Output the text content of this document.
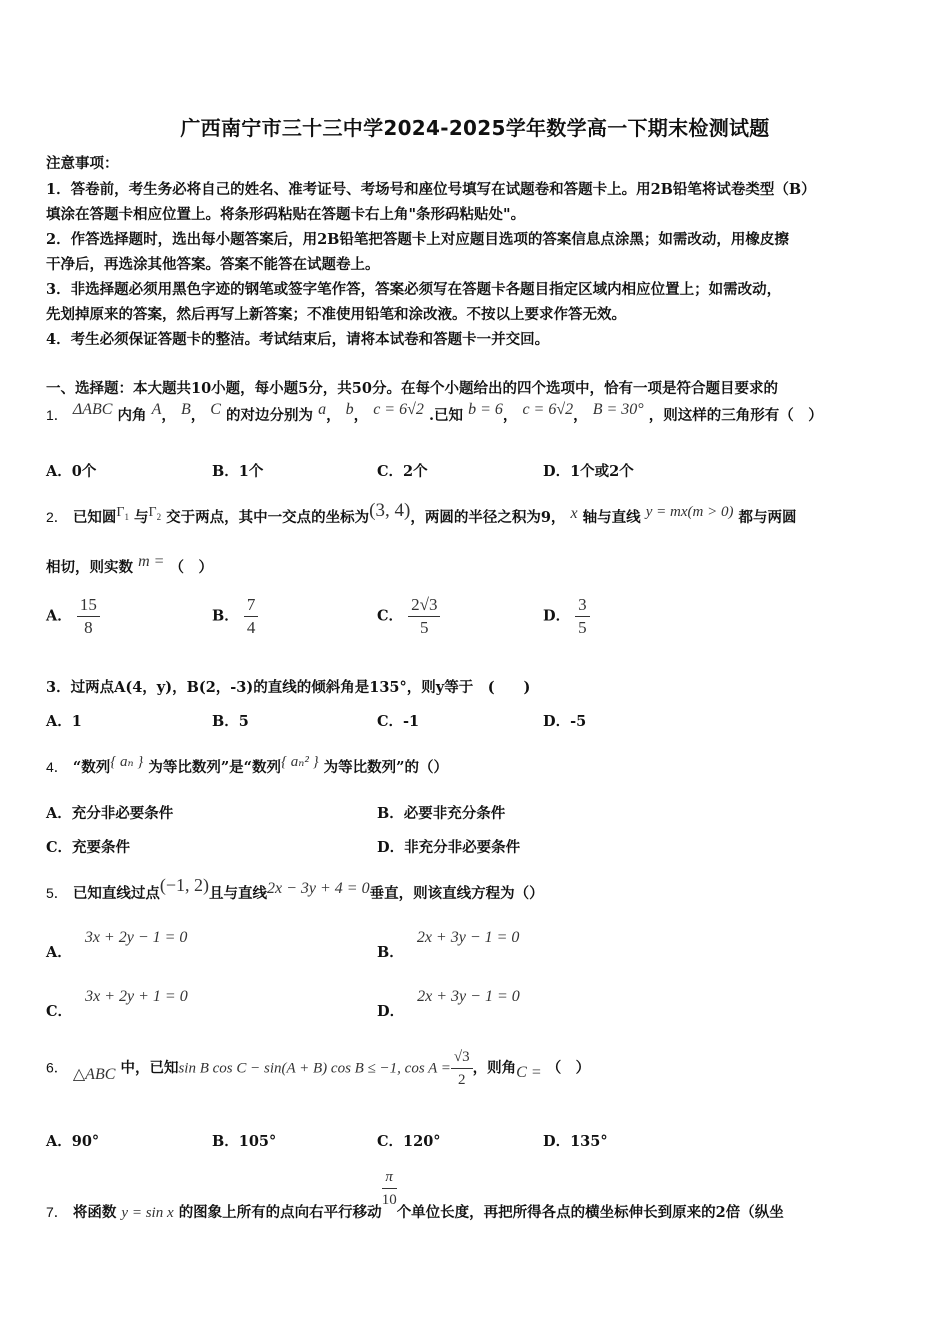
广西南宁市三十三中学2024-2025学年数学高一下期末检测试题
注意事项：
1．答卷前，考生务必将自己的姓名、准考证号、考场号和座位号填写在试题卷和答题卡上。用2B铅笔将试卷类型（B）
填涂在答题卡相应位置上。将条形码粘贴在答题卡右上角"条形码粘贴处"。
2．作答选择题时，选出每小题答案后，用2B铅笔把答题卡上对应题目选项的答案信息点涂黑；如需改动，用橡皮擦
干净后，再选涂其他答案。答案不能答在试题卷上。
3．非选择题必须用黑色字迹的钢笔或签字笔作答，答案必须写在答题卡各题目指定区域内相应位置上；如需改动，
先划掉原来的答案，然后再写上新答案；不准使用铅笔和涂改液。不按以上要求作答无效。
4．考生必须保证答题卡的整洁。考试结束后，请将本试卷和答题卡一并交回。
一、选择题：本大题共10小题，每小题5分，共50分。在每个小题给出的四个选项中，恰有一项是符合题目要求的
1． ΔABC 内角 A， B， C 的对边分别为 a， b， c = 6√2 .已知 b = 6， c = 6√2， B = 30° ，则这样的三角形有（　）
A．0个	B．1个	C．2个	D．1个或2个
2． 已知圆$\Gamma_1$ 与$\Gamma_2$ 交于两点，其中一交点的坐标为(3, 4)，两圆的半径之积为9， x 轴与直线 y = mx(m > 0) 都与两圆
相切，则实数 m = （　）
A． $\frac{15}{8}$	B． $\frac{7}{4}$	C． $\frac{2√3}{5}$	D． $\frac{3}{5}$
3．过两点A(4，y)，B(2，-3)的直线的倾斜角是135°，则y等于　(　　)
A．1	B．5	C．-1	D．-5
4． “数列{ aₙ } 为等比数列”是“数列{ aₙ² } 为等比数列”的（）
A．充分非必要条件	B．必要非充分条件
C．充要条件	D．非充分非必要条件
5． 已知直线过点(−1, 2)且与直线2x − 3y + 4 = 0垂直，则该直线方程为（）
A． 3x + 2y − 1 = 0
B． 2x + 3y − 1 = 0
C． 3x + 2y + 1 = 0
D． 2x + 3y − 1 = 0
6． △ABC 中，已知sin B cos C − sin(A + B) cos B ≤ −1, $\cos A = \frac{√3}{2}$ ，则角C = （　）
A．90°	B．105°	C．120°	D．135°
7． 将函数 y = sin x 的图象上所有的点向右平行移动
$\frac{\pi}{10}$
个单位长度，再把所得各点的横坐标伸长到原来的2倍（纵坐
